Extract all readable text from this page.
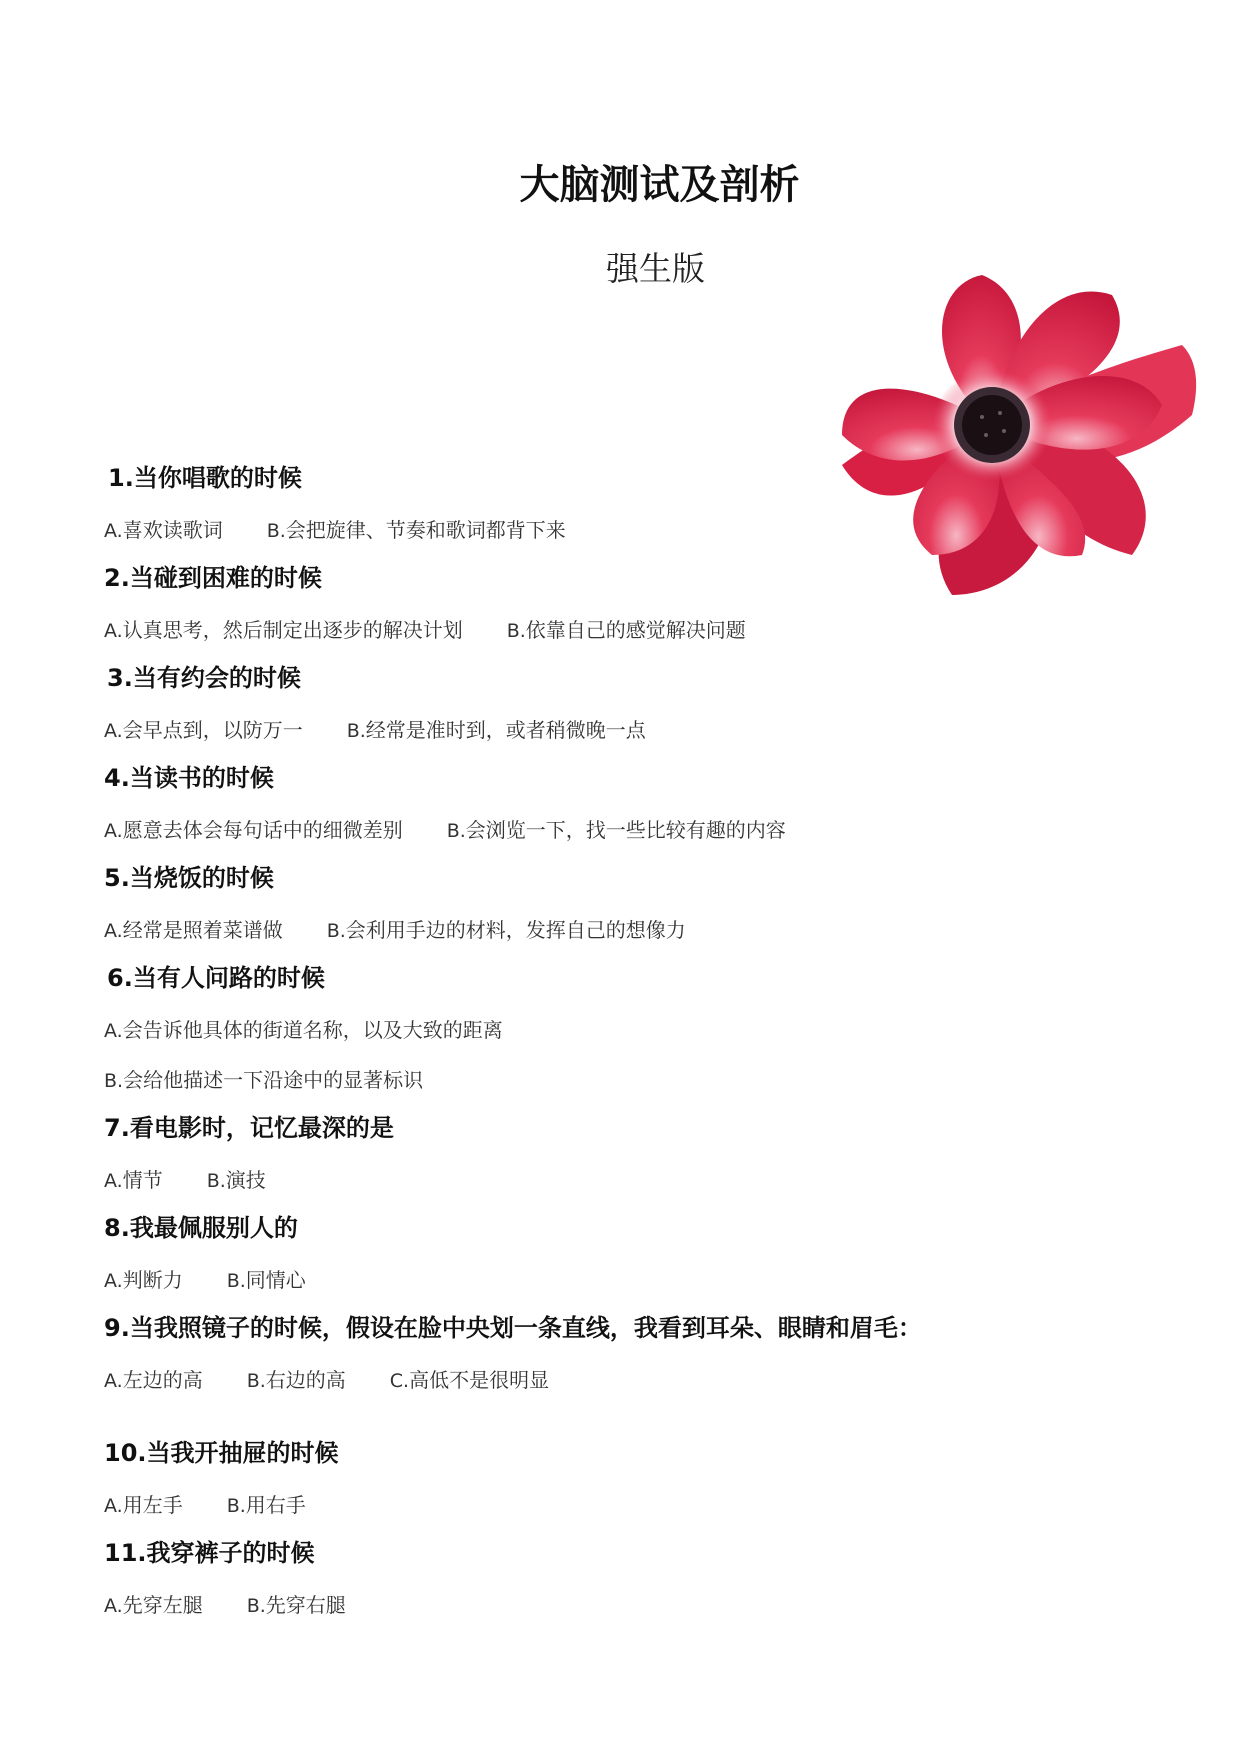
大脑测试及剖析
强生版
1.当你唱歌的时候
A.喜欢读歌词 B.会把旋律、节奏和歌词都背下来
2.当碰到困难的时候
A.认真思考，然后制定出逐步的解决计划 B.依靠自己的感觉解决问题
3.当有约会的时候
A.会早点到，以防万一 B.经常是准时到，或者稍微晚一点
4.当读书的时候
A.愿意去体会每句话中的细微差别 B.会浏览一下，找一些比较有趣的内容
5.当烧饭的时候
A.经常是照着菜谱做 B.会利用手边的材料，发挥自己的想像力
6.当有人问路的时候
A.会告诉他具体的街道名称，以及大致的距离
B.会给他描述一下沿途中的显著标识
7.看电影时，记忆最深的是
A.情节 B.演技
8.我最佩服别人的
A.判断力 B.同情心
9.当我照镜子的时候，假设在脸中央划一条直线，我看到耳朵、眼睛和眉毛：
A.左边的高 B.右边的高 C.高低不是很明显
10.当我开抽屉的时候
A.用左手 B.用右手
11.我穿裤子的时候
A.先穿左腿 B.先穿右腿
